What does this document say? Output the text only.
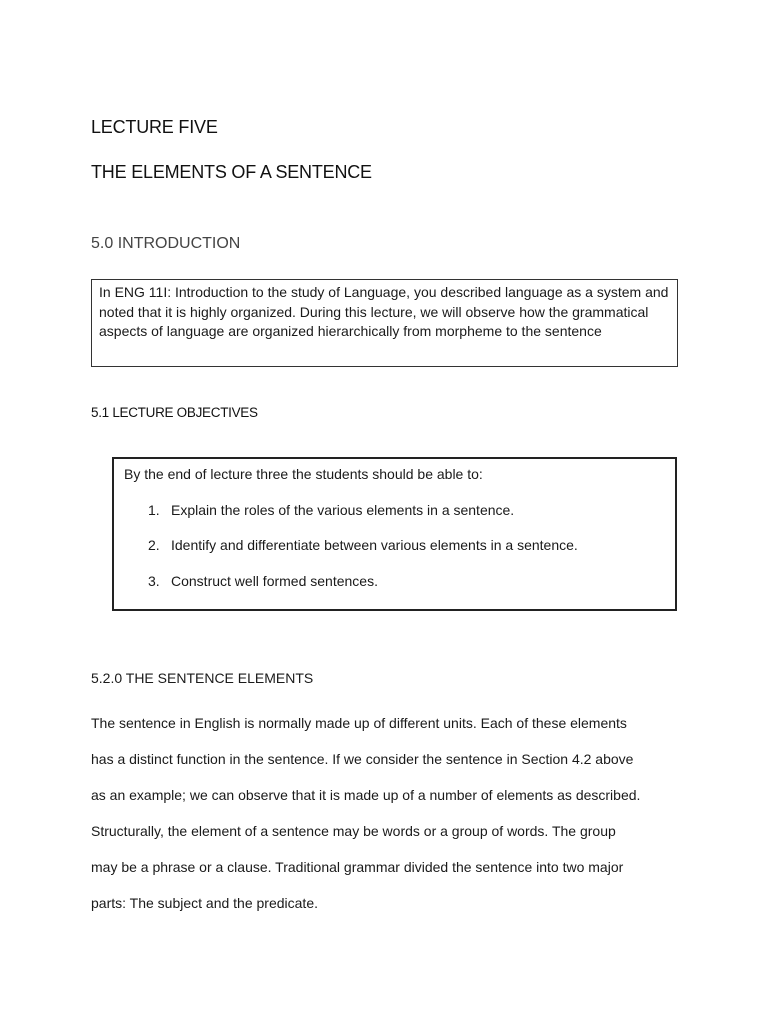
LECTURE FIVE
THE ELEMENTS OF A SENTENCE
5.0 INTRODUCTION
In ENG 11I: Introduction to the study of Language, you described language as a system and noted that it is highly organized. During this lecture, we will observe how the grammatical aspects of language are organized hierarchically from morpheme to the sentence
5.1 LECTURE OBJECTIVES

By the end of lecture three the students should be able to:

1. Explain the roles of the various elements in a sentence.
2. Identify and differentiate between various elements in a sentence.
3. Construct well formed sentences.
5.2.0 THE SENTENCE ELEMENTS
The sentence in English is normally made up of different units. Each of these elements
has a distinct function in the sentence. If we consider the sentence in Section 4.2 above
as an example; we can observe that it is made up of a number of elements as described.
Structurally, the element of a sentence may be words or a group of words. The group
may be a phrase or a clause. Traditional grammar divided the sentence into two major
parts: The subject and the predicate.
